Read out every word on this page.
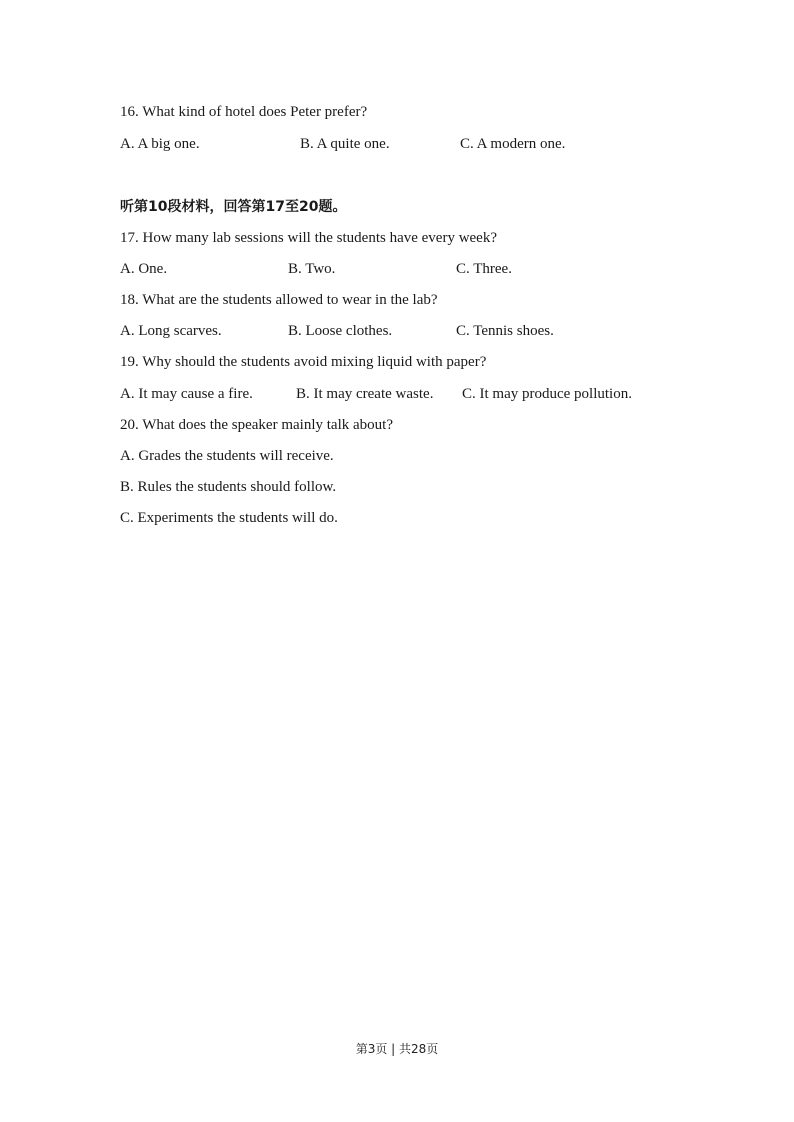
16. What kind of hotel does Peter prefer?
A. A big one.	B. A quite one.	C. A modern one.
听第10段材料，回答第17至20题。
17. How many lab sessions will the students have every week?
A. One.	B. Two.	C. Three.
18. What are the students allowed to wear in the lab?
A. Long scarves.	B. Loose clothes.	C. Tennis shoes.
19. Why should the students avoid mixing liquid with paper?
A. It may cause a fire.	B. It may create waste. C. It may produce pollution.
20. What does the speaker mainly talk about?
A. Grades the students will receive.
B. Rules the students should follow.
C. Experiments the students will do.
第3页 | 共28页
